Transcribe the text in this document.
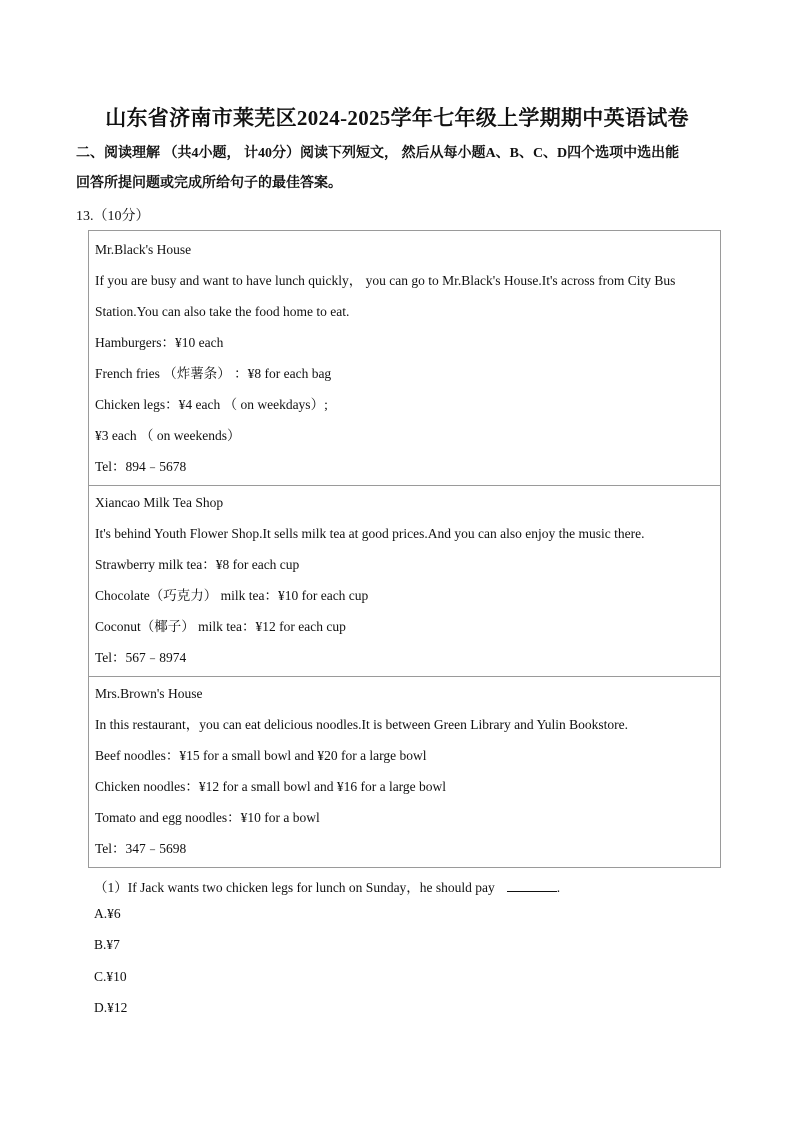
山东省济南市莱芜区2024-2025学年七年级上学期期中英语试卷
二、阅读理解 （共4小题， 计40分）阅读下列短文， 然后从每小题A、B、C、D四个选项中选出能
回答所提问题或完成所给句子的最佳答案。
13.（10分）
Mr.Black's House
If you are busy and want to have lunch quickly， you can go to Mr.Black's House.It's across from City Bus
Station.You can also take the food home to eat.
Hamburgers：¥10 each
French fries （炸薯条） ：¥8 for each bag
Chicken legs：¥4 each （ on weekdays）;
¥3 each （ on weekends）
Tel：894﹣5678
Xiancao Milk Tea Shop
It's behind Youth Flower Shop.It sells milk tea at good prices.And you can also enjoy the music there.
Strawberry milk tea：¥8 for each cup
Chocolate（巧克力） milk tea：¥10 for each cup
Coconut（椰子） milk tea：¥12 for each cup
Tel：567﹣8974
Mrs.Brown's House
In this restaurant，you can eat delicious noodles.It is between Green Library and Yulin Bookstore.
Beef noodles：¥15 for a small bowl and ¥20 for a large bowl
Chicken noodles：¥12 for a small bowl and ¥16 for a large bowl
Tomato and egg noodles：¥10 for a bowl
Tel：347﹣5698
（1）If Jack wants two chicken legs for lunch on Sunday，he should pay	.
A.¥6
B.¥7
C.¥10
D.¥12
